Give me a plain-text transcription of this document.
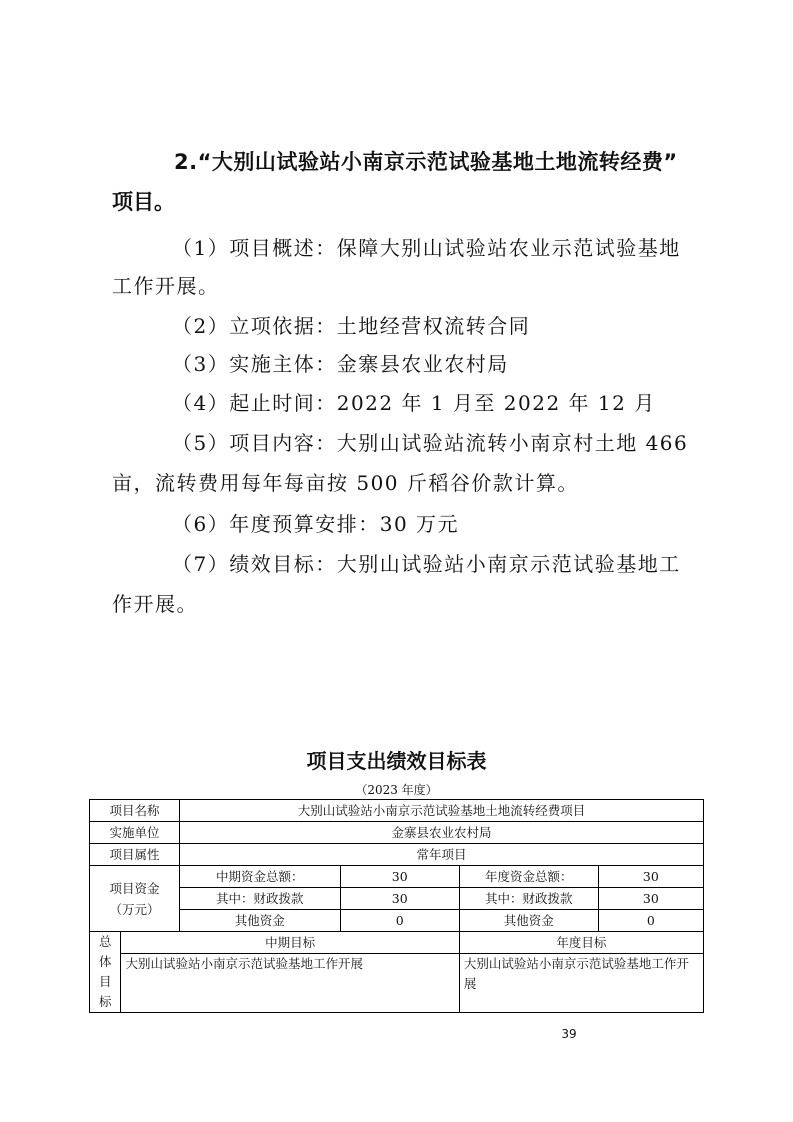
2.“大别山试验站小南京示范试验基地土地流转经费”
项目。
（1）项目概述：保障大别山试验站农业示范试验基地
工作开展。
（2）立项依据：土地经营权流转合同
（3）实施主体：金寨县农业农村局
（4）起止时间：2022 年 1 月至 2022 年 12 月
（5）项目内容：大别山试验站流转小南京村土地 466
亩，流转费用每年每亩按 500 斤稻谷价款计算。
（6）年度预算安排：30 万元
（7）绩效目标：大别山试验站小南京示范试验基地工
作开展。
项目支出绩效目标表
（2023 年度）
项目名称		大别山试验站小南京示范试验基地土地流转经费项目			
实施单位		金寨县农业农村局			
项目属性		常年项目			

项目资金
（万元）		中期资金总额：	30	年度资金总额：	30
		其中：财政拨款	30	其中：财政拨款	30
		其他资金	0	其他资金	0

总
体
目
标	中期目标			年度目标	
	大别山试验站小南京示范试验基地工作开展			大别山试验站小南京示范试验基地工作开展	
39
